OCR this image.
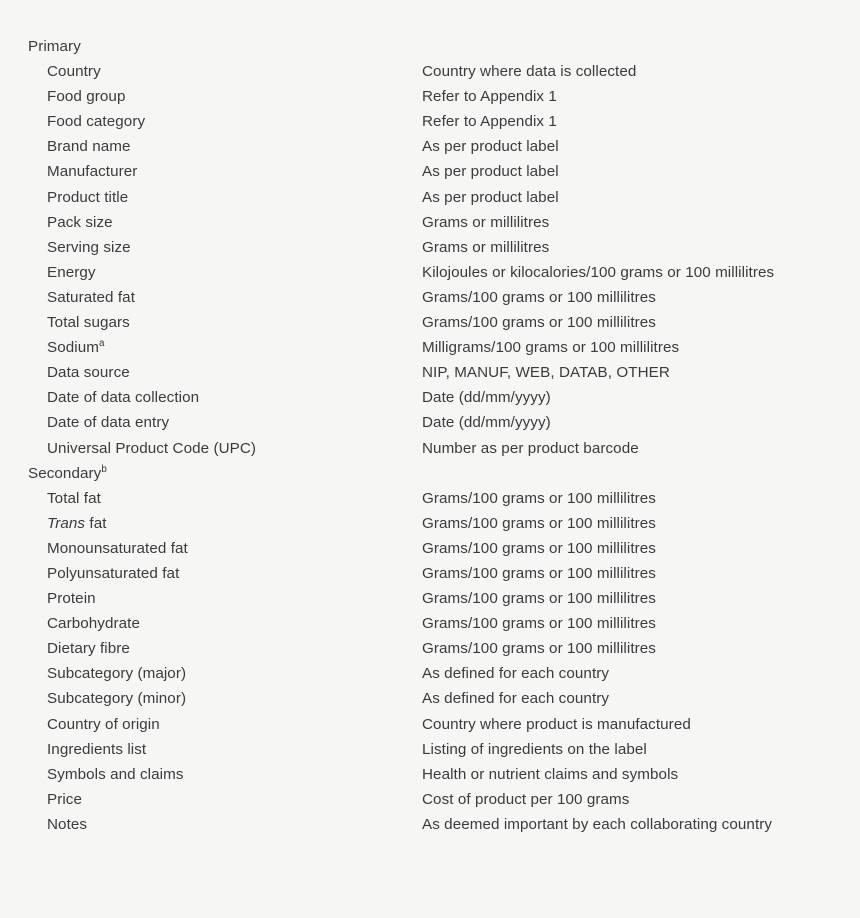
Primary
Country	Country where data is collected
Food group	Refer to Appendix 1
Food category	Refer to Appendix 1
Brand name	As per product label
Manufacturer	As per product label
Product title	As per product label
Pack size	Grams or millilitres
Serving size	Grams or millilitres
Energy	Kilojoules or kilocalories/100 grams or 100 millilitres
Saturated fat	Grams/100 grams or 100 millilitres
Total sugars	Grams/100 grams or 100 millilitres
Sodium$^a$	Milligrams/100 grams or 100 millilitres
Data source	NIP, MANUF, WEB, DATAB, OTHER
Date of data collection	Date (dd/mm/yyyy)
Date of data entry	Date (dd/mm/yyyy)
Universal Product Code (UPC)	Number as per product barcode
Secondary$^b$
Total fat	Grams/100 grams or 100 millilitres
Trans fat	Grams/100 grams or 100 millilitres
Monounsaturated fat	Grams/100 grams or 100 millilitres
Polyunsaturated fat	Grams/100 grams or 100 millilitres
Protein	Grams/100 grams or 100 millilitres
Carbohydrate	Grams/100 grams or 100 millilitres
Dietary fibre	Grams/100 grams or 100 millilitres
Subcategory (major)	As defined for each country
Subcategory (minor)	As defined for each country
Country of origin	Country where product is manufactured
Ingredients list	Listing of ingredients on the label
Symbols and claims	Health or nutrient claims and symbols
Price	Cost of product per 100 grams
Notes	As deemed important by each collaborating country
